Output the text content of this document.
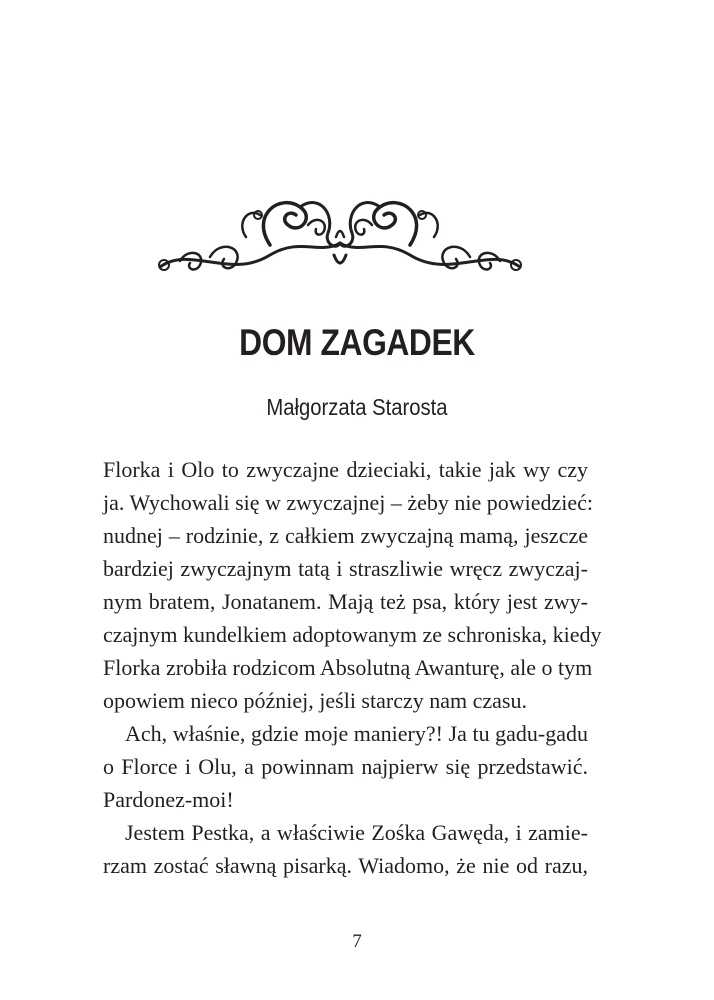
DOM ZAGADEK
Małgorzata Starosta
Florka i Olo to zwyczajne dzieciaki, takie jak wy czy
ja. Wychowali się w zwyczajnej – żeby nie powiedzieć:
nudnej – rodzinie, z całkiem zwyczajną mamą, jeszcze
bardziej zwyczajnym tatą i straszliwie wręcz zwyczaj-
nym bratem, Jonatanem. Mają też psa, który jest zwy-
czajnym kundelkiem adoptowanym ze schroniska, kiedy
Florka zrobiła rodzicom Absolutną Awanturę, ale o tym
opowiem nieco później, jeśli starczy nam czasu.
Ach, właśnie, gdzie moje maniery?! Ja tu gadu-gadu
o Florce i Olu, a powinnam najpierw się przedstawić.
Pardonez-moi!
Jestem Pestka, a właściwie Zośka Gawęda, i zamie-
rzam zostać sławną pisarką. Wiadomo, że nie od razu,
7
